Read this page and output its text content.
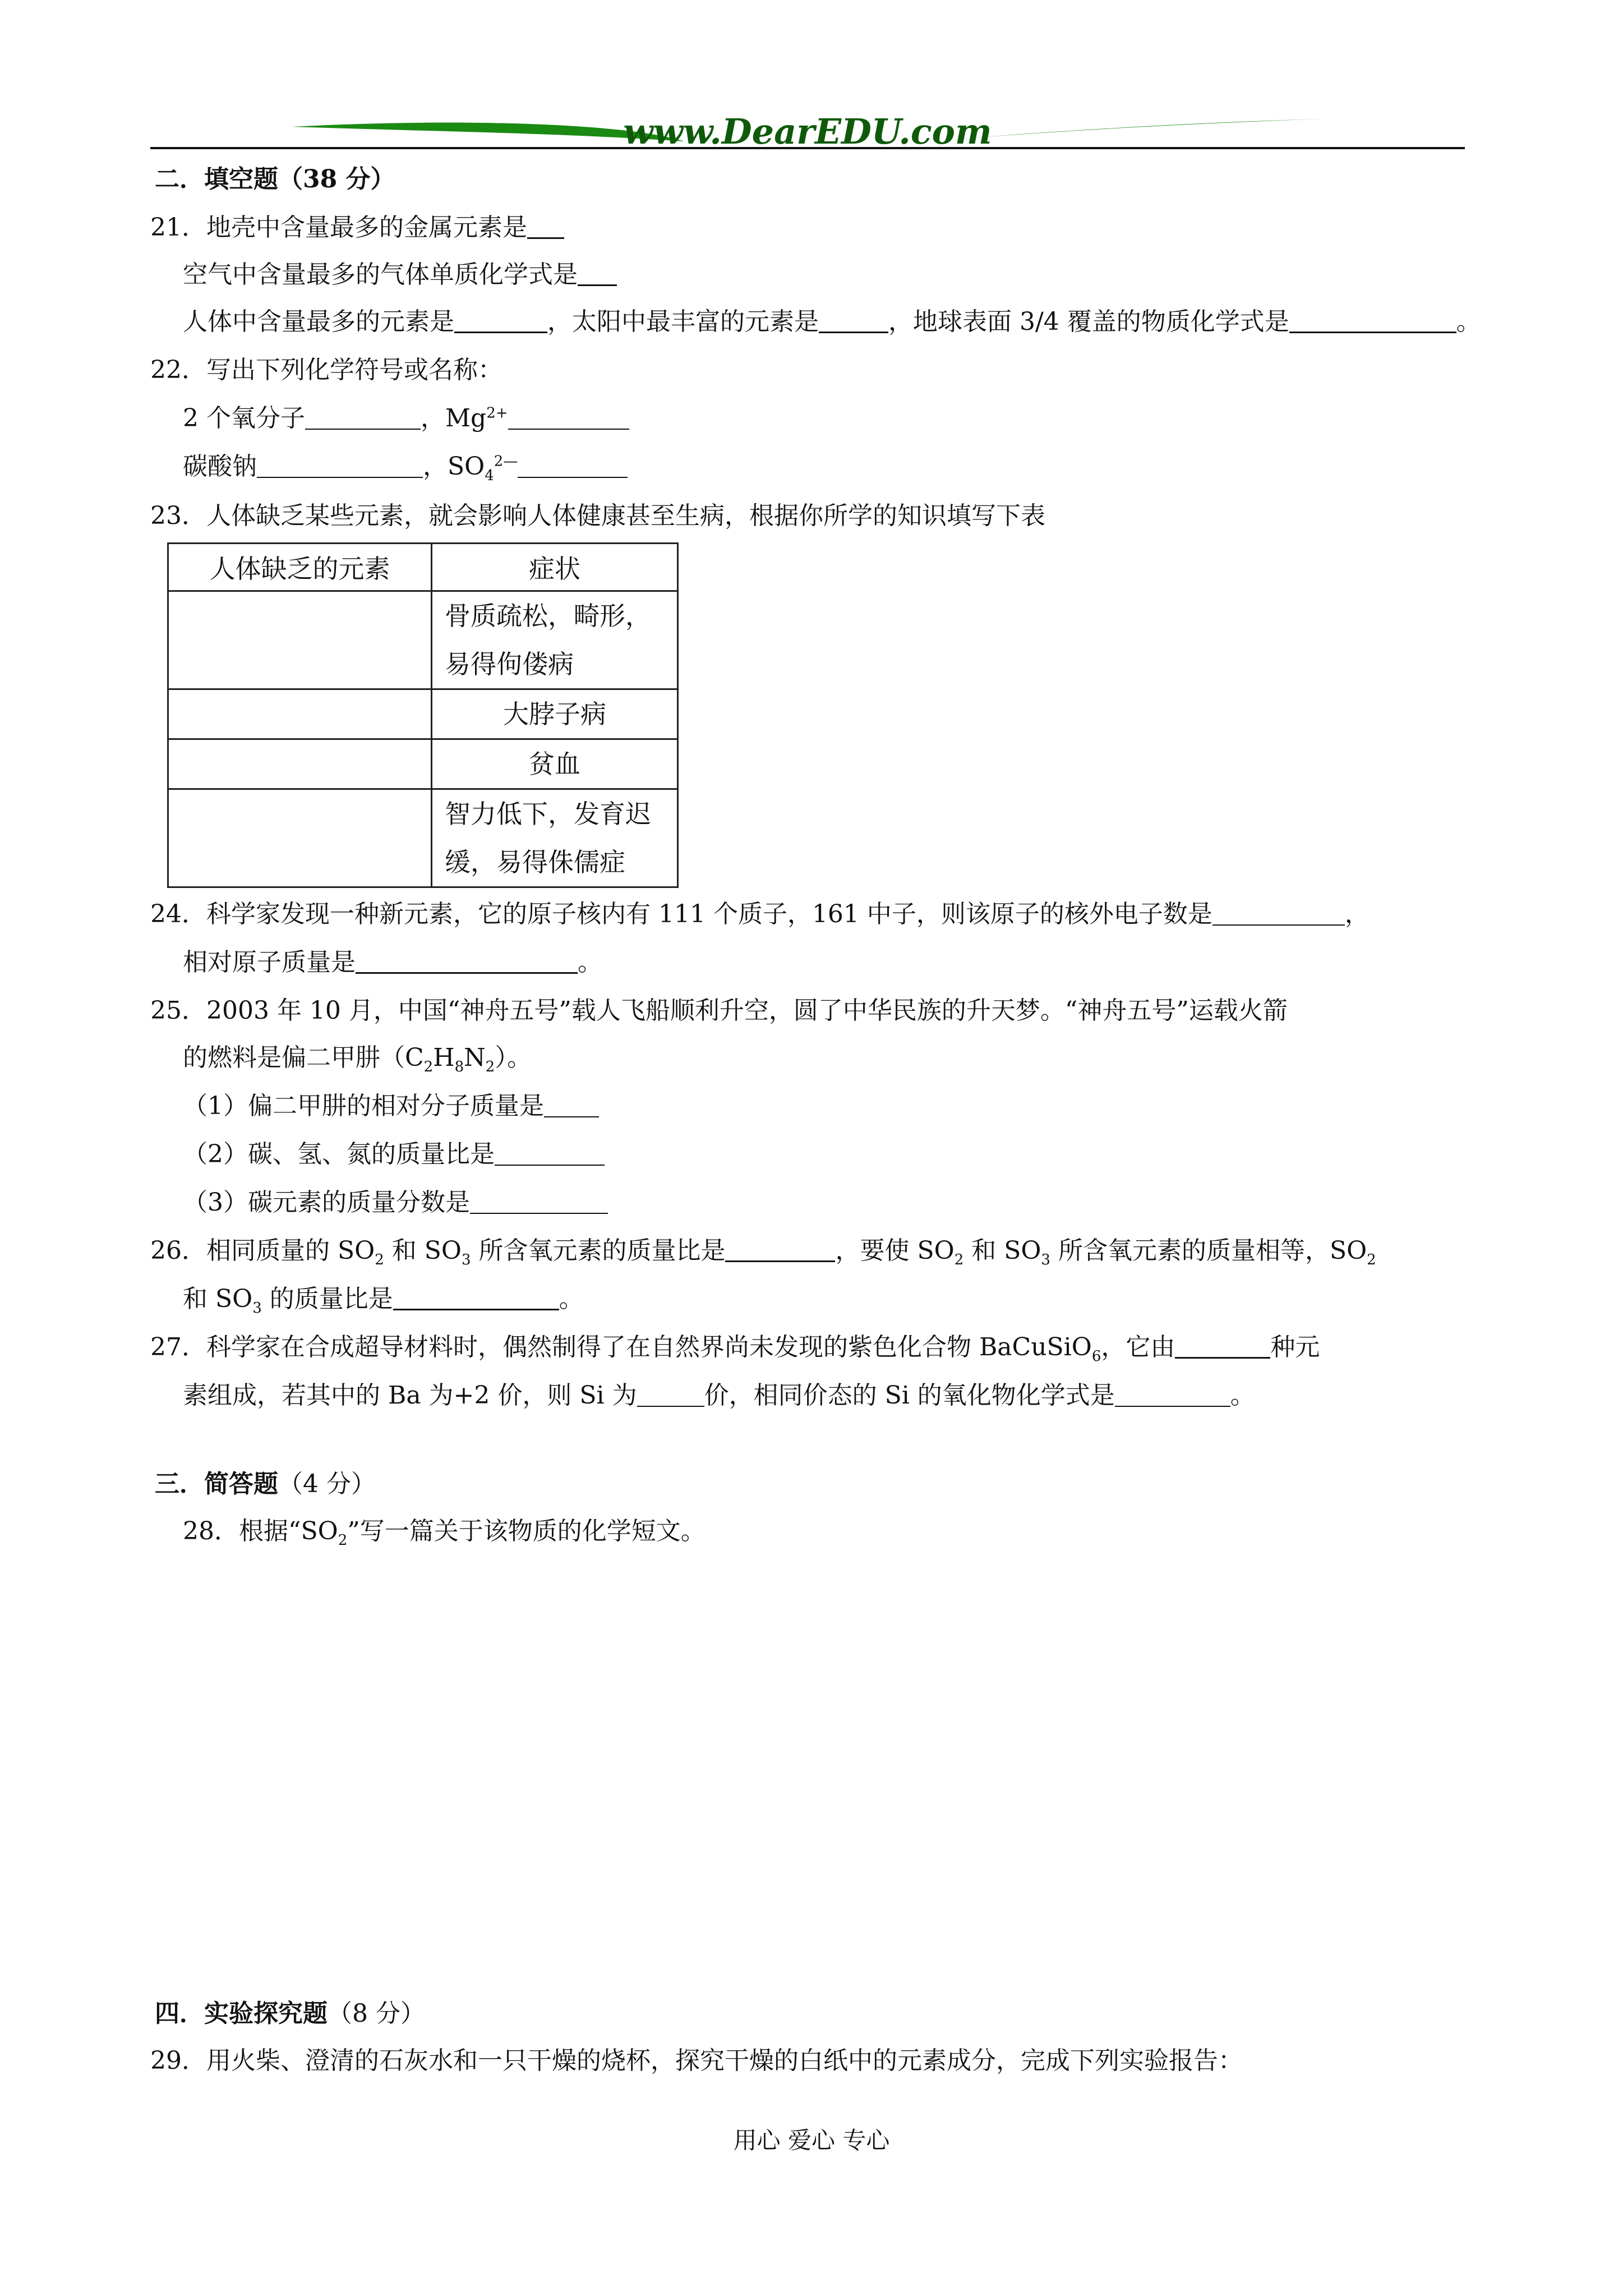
www.DearEDU.com
二．填空题（38 分）
21．地壳中含量最多的金属元素是
空气中含量最多的气体单质化学式是
人体中含量最多的元素是	，太阳中最丰富的元素是	，地球表面 3/4 覆盖的物质化学式是	。
22．写出下列化学符号或名称：
2 个氧分子	，$Mg^{2+}$
碳酸钠	，$SO_4^{2—}$
23．人体缺乏某些元素，就会影响人体健康甚至生病，根据你所学的知识填写下表
人体缺乏的元素	症状
	骨质疏松，畸形，
易得佝偻病
	大脖子病
	贫血
	智力低下，发育迟
缓，易得侏儒症
24．科学家发现一种新元素，它的原子核内有 111 个质子，161 中子，则该原子的核外电子数是	，
相对原子质量是	。
25．2003 年 10 月，中国“神舟五号”载人飞船顺利升空，圆了中华民族的升天梦。“神舟五号”运载火箭
的燃料是偏二甲肼$(C_2H_8N_2)$。
（1）偏二甲肼的相对分子质量是
（2）碳、氢、氮的质量比是
（3）碳元素的质量分数是
26．相同质量的 $SO_2$ 和 $SO_3$ 所含氧元素的质量比是	，要使 $SO_2$ 和 $SO_3$ 所含氧元素的质量相等，$SO_2$
和 $SO_3$ 的质量比是	。
27．科学家在合成超导材料时，偶然制得了在自然界尚未发现的紫色化合物 BaCuSiO$_6$，它由	种元
素组成，若其中的 Ba 为+2 价，则 Si 为	价，相同价态的 Si 的氧化物化学式是	。
三．简答题（4 分）
28．根据“$SO_2$”写一篇关于该物质的化学短文。
四．实验探究题（8 分）
29．用火柴、澄清的石灰水和一只干燥的烧杯，探究干燥的白纸中的元素成分，完成下列实验报告：
用心 爱心 专心
